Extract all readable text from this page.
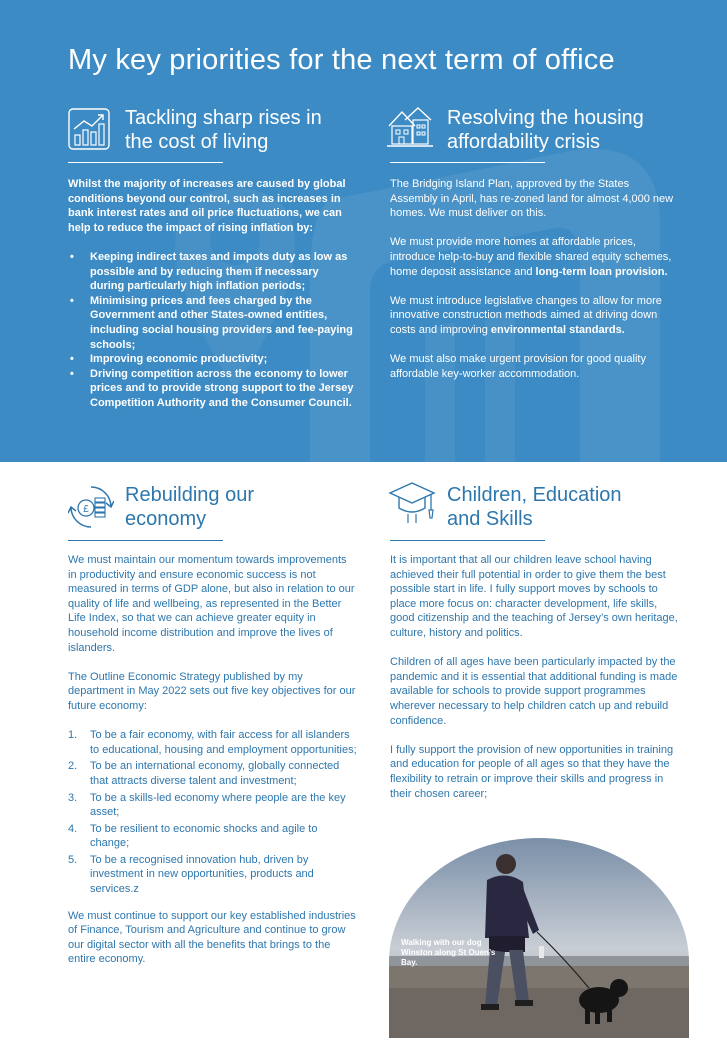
My key priorities for the next term of office
Tackling sharp rises in
the cost of living

Whilst the majority of increases are caused by global conditions beyond our control, such as increases in bank interest rates and oil price fluctuations, we can help to reduce the impact of rising inflation by:

• Keeping indirect taxes and impots duty as low as possible and by reducing them if necessary during particularly high inflation periods;
• Minimising prices and fees charged by the Government and other States-owned entities, including social housing providers and fee-paying schools;
• Improving economic productivity;
• Driving competition across the economy to lower prices and to provide strong support to the Jersey Competition Authority and the Consumer Council.
Resolving the housing
affordability crisis

The Bridging Island Plan, approved by the States Assembly in April, has re-zoned land for almost 4,000 new homes. We must deliver on this.

We must provide more homes at affordable prices, introduce help-to-buy and flexible shared equity schemes, home deposit assistance and long-term loan provision.

We must introduce legislative changes to allow for more innovative construction methods aimed at driving down costs and improving environmental standards.

We must also make urgent provision for good quality affordable key-worker accommodation.

£
Rebuilding our
economy

We must maintain our momentum towards improvements in productivity and ensure economic success is not measured in terms of GDP alone, but also in relation to our quality of life and wellbeing, as represented in the Better Life Index, so that we can achieve greater equity in household income distribution and improve the lives of islanders.

The Outline Economic Strategy published by my department in May 2022 sets out five key objectives for our future economy:

1. To be a fair economy, with fair access for all islanders to educational, housing and employment opportunities;
2. To be an international economy, globally connected that attracts diverse talent and investment;
3. To be a skills-led economy where people are the key asset;
4. To be resilient to economic shocks and agile to change;
5. To be a recognised innovation hub, driven by investment in new opportunities, products and services.z

We must continue to support our key established industries of Finance, Tourism and Agriculture and continue to grow our digital sector with all the benefits that brings to the entire economy.

Children, Education
and Skills

It is important that all our children leave school having achieved their full potential in order to give them the best possible start in life. I fully support moves by schools to place more focus on: character development, life skills, good citizenship and the teaching of Jersey’s own heritage, culture, history and politics.

Children of all ages have been particularly impacted by the pandemic and it is essential that additional funding is made available for schools to provide support programmes wherever necessary to help children catch up and rebuild confidence.

I fully support the provision of new opportunities in training and education for people of all ages so that they have the flexibility to retrain or improve their skills and progress in their chosen career;

Walking with our dog Winston along St Ouen’s Bay.
